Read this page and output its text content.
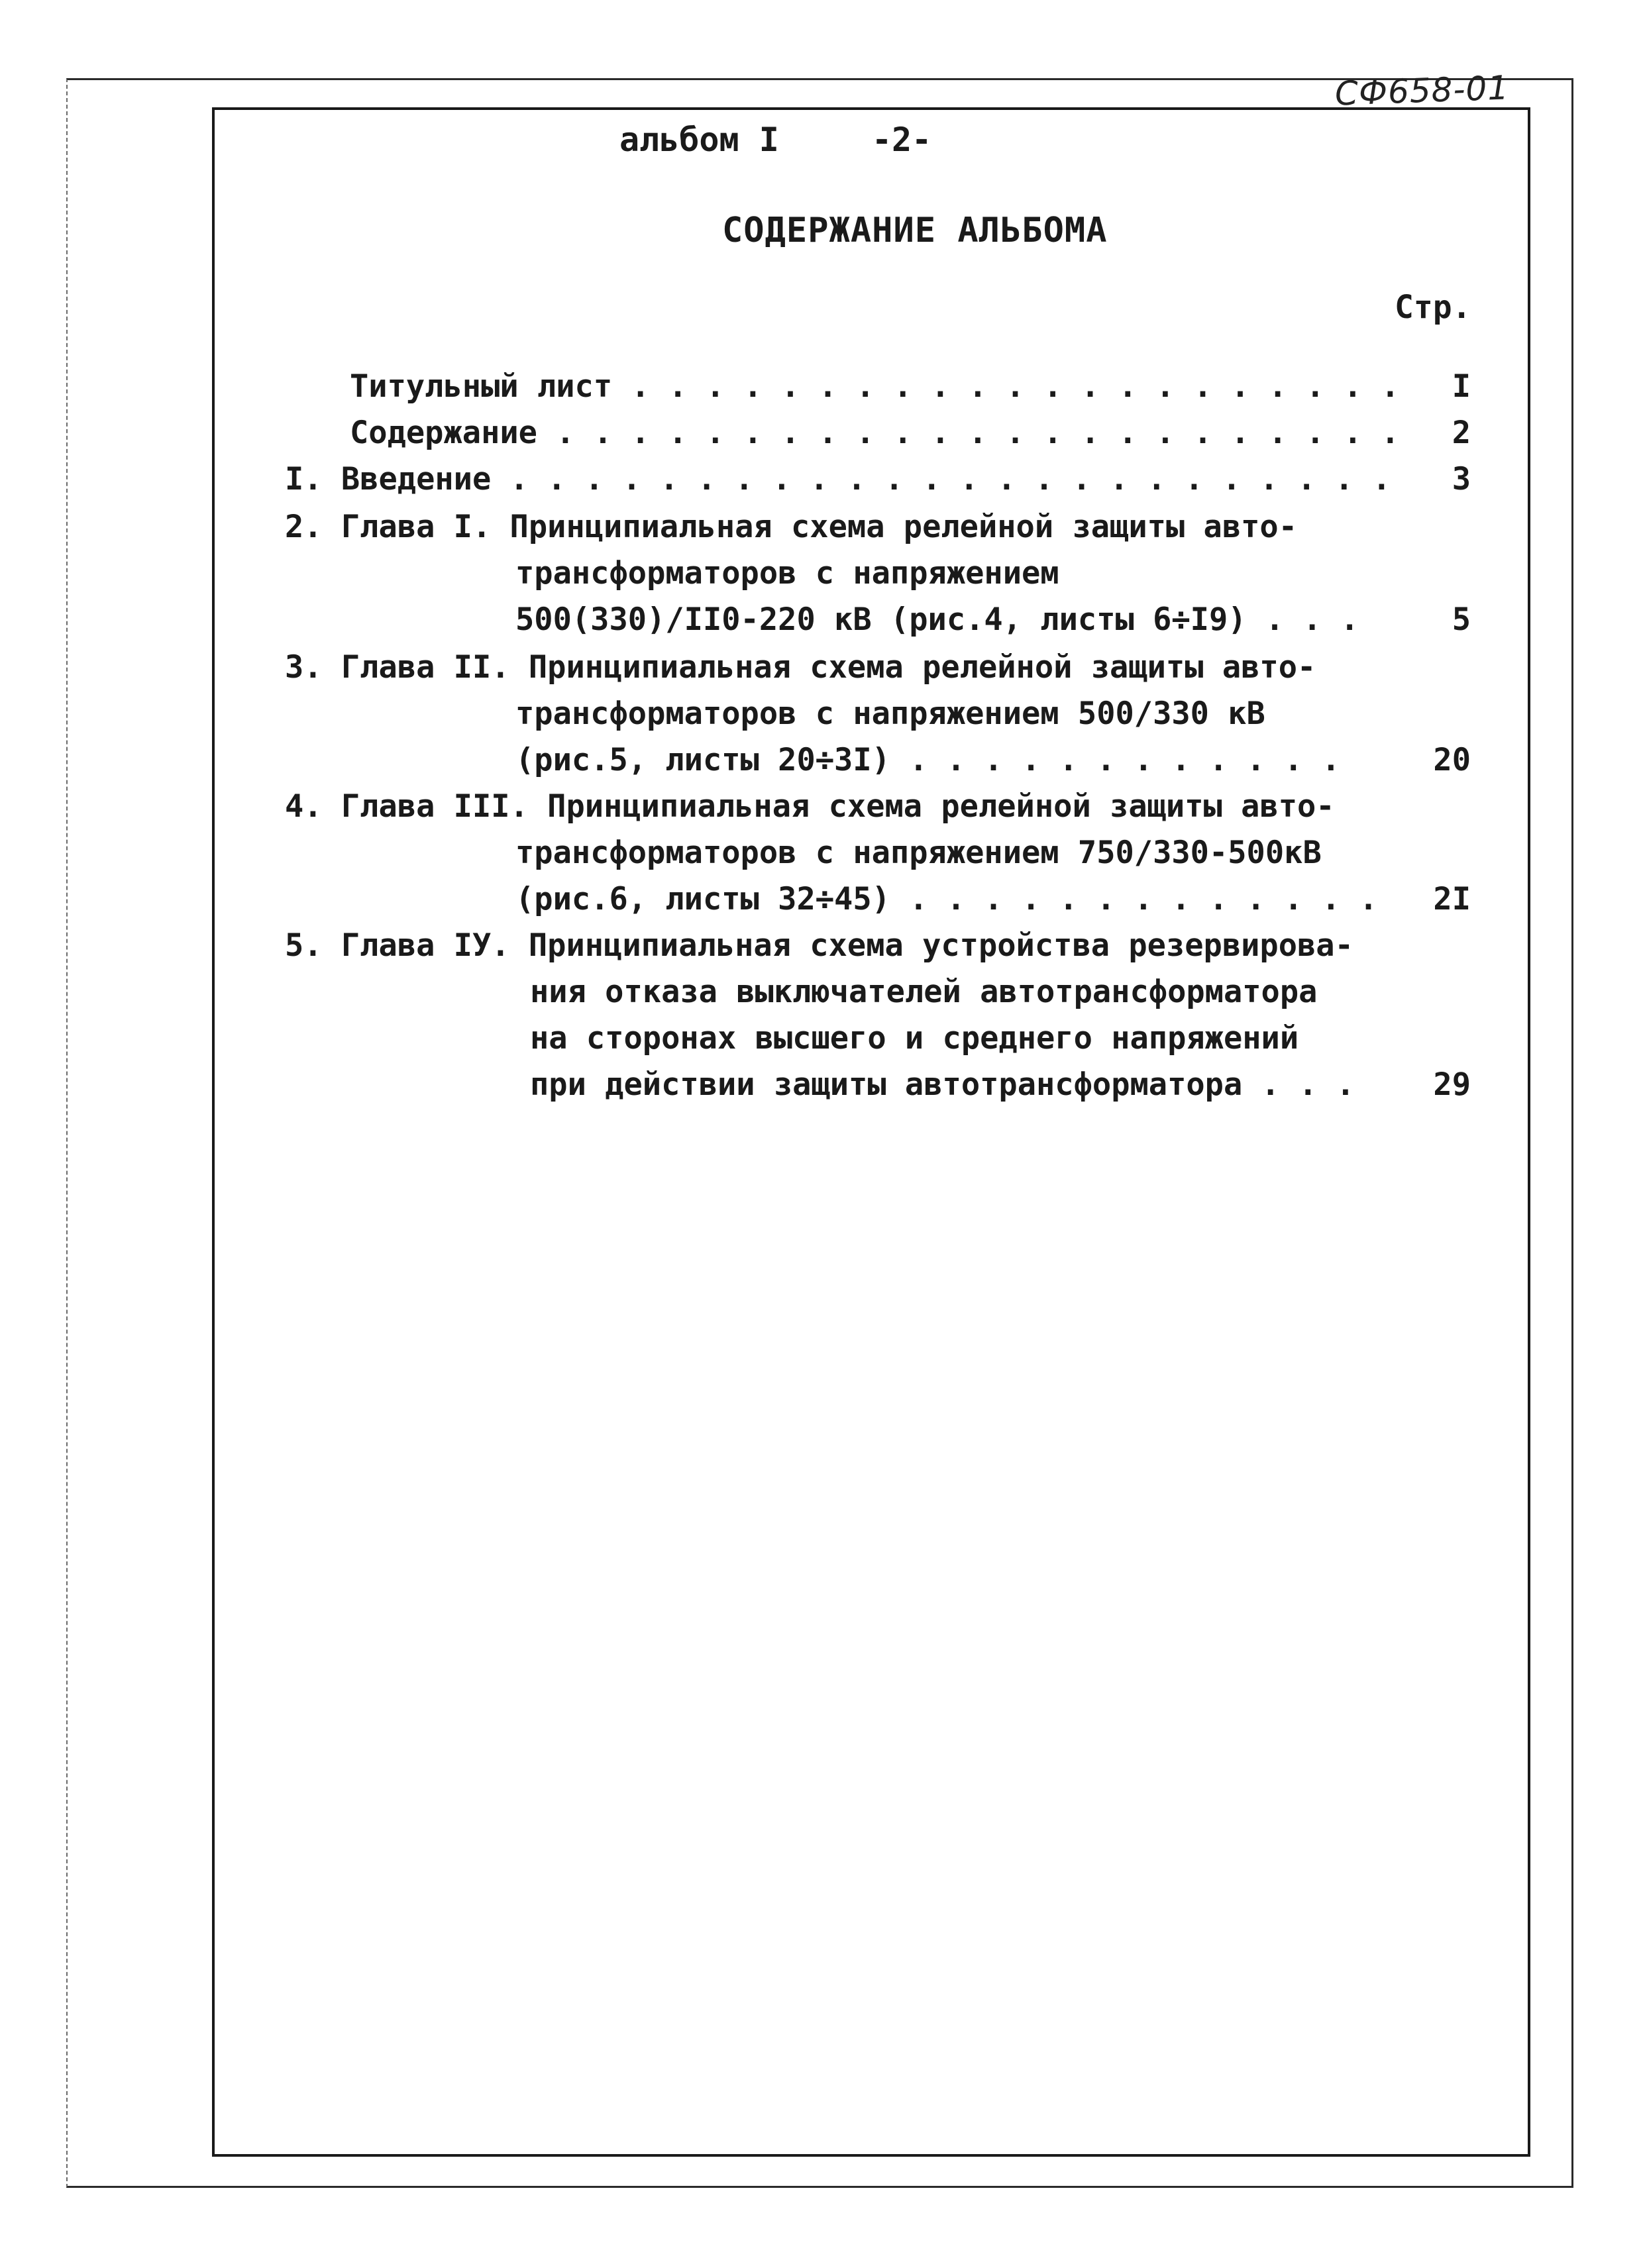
СФ658-01
альбом I	-2-
СОДЕРЖАНИЕ АЛЬБОМА
Стр.
Титульный лист . . . . . . . . . . . . . . . . . . . . .	I
Содержание . . . . . . . . . . . . . . . . . . . . . . .	2
I. Введение . . . . . . . . . . . . . . . . . . . . . . . .	3
2. Глава I. Принципиальная схема релейной защиты авто-
трансформаторов с напряжением
500(330)/II0-220 кВ (рис.4, листы 6÷I9) . . .	5
3. Глава II. Принципиальная схема релейной защиты авто-
трансформаторов с напряжением 500/330 кВ
(рис.5, листы 20÷3I) . . . . . . . . . . . .	20
4. Глава III. Принципиальная схема релейной защиты авто-
трансформаторов с напряжением 750/330-500кВ
(рис.6, листы 32÷45) . . . . . . . . . . . . .	2I
5. Глава IУ. Принципиальная схема устройства резервирова-
ния отказа выключателей автотрансформатора
на сторонах высшего и среднего напряжений
при действии защиты автотрансформатора . . .	29
